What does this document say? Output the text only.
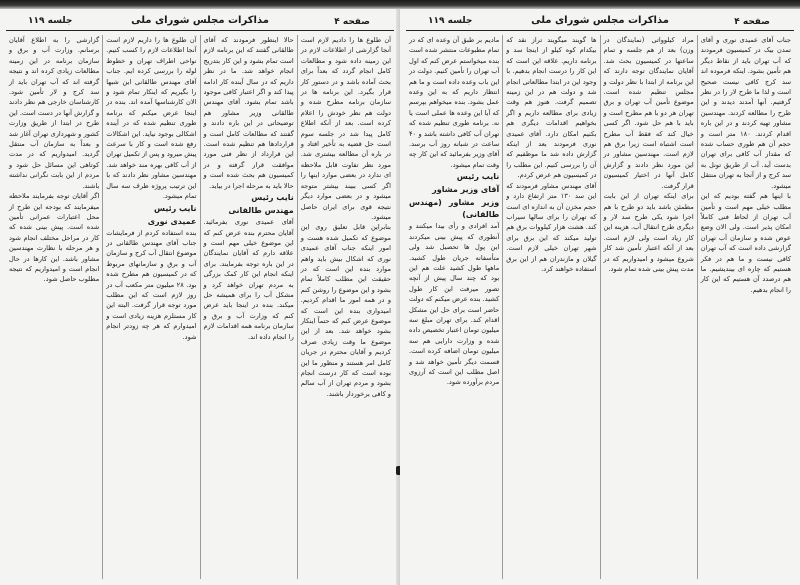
صفحه ۴
مذاکرات مجلس شورای ملی
جلسه ۱۱۹

آن طلوع ها را دادیم لازم است آنجا گزارشی از اطلاعات لازم در این زمینه داده شود و مطالعات کامل انجام گردد که بعداً برای بحث آماده باشد و در دستور کار قرار بگیرد. این برنامه ها در سازمان برنامه مطرح شده و دولت هم نظر خودش را اعلام کرده است. بعد از آنکه اطلاع کامل پیدا شد در جلسه سوم است حل قضیه به تأخیر افتاد و در باره آن مطالعه بیشتری شد. مورد نظر تفاوت قابل ملاحظه ای ندارد در بعضی موارد اینها را اگر کسی ببیند بیشتر متوجه میشود و در بعضی موارد دیگر نتیجه قوی برای ایران حاصل میشود.

بنابراین قابل تعلیق روی این موضوع که تکمیل شده هست و امور اینکه جناب آقای عمیدی نوری که اشکال بیش باید واهم موارد بنده این است که در حقیقت این مطلب کاملاً تمام بشود و این موضوع را روشن کنم و در همه امور ما اقدام کردیم. امیدواری بنده این است که موضوع عرض کنم که حتماً اینکار بشود خواهد شد. بعد از این موضوع ما وقت زیادی صرف کردیم و آقایان محترم در جریان کامل امر هستند و منظور ما این بوده است که کار درست انجام بشود و مردم تهران از آب سالم و کافی برخوردار باشند.

حالا اینطور فرمودند که آقای طالقانی گفتند که این برنامه لازم است تمام بشود و این کار بتدریج انجام خواهد شد. ما در نظر داریم که در سال آینده کار ادامه پیدا کند و اگر اعتبار کافی موجود باشد تمام بشود. آقای مهندس طالقانی وزیر مشاور هم توضیحاتی در این باره دادند و گفتند که مطالعات کامل است و قراردادها هم تنظیم شده است. این قرارداد از نظر فنی مورد موافقت قرار گرفته و در کمیسیون هم بحث شده است و حالا باید به مرحله اجرا در بیاید.

نایب رئیس
مهندس طالقانی

آقای عمیدی نوری بفرمائید. آقایان محترم بنده عرض کنم که این موضوع خیلی مهم است و علاقه دارم که آقایان نمایندگان در این باره توجه بفرمایند. برای اینکه انجام این کار کمک بزرگی به مردم تهران خواهد کرد و مشکل آب را برای همیشه حل میکند. بنده در اینجا باید عرض کنم که وزارت آب و برق و سازمان برنامه همه اقدامات لازم را انجام داده اند.

آن طلوع ها را داریم لازم است آنجا اطلاعات لازم را کسب کنیم. نواحی اطراف تهران و خطوط لوله را بررسی کرده ایم. جناب آقای مهندس طالقانی این شبها را بگیریم که اینکار تمام شود و الان کارشناسها آمده اند. بنده در اینجا عرض میکنم که برنامه طوری تنظیم شده که در آینده اشکالی بوجود نیاید. این اشکالات رفع شده است و کار با سرعت پیش میرود و پس از تکمیل تهران از آب کافی بهره مند خواهد شد. مهندسین مشاور نظر دادند که با این ترتیب پروژه ظرف سه سال تمام میشود.

نایب رئیس
عمیدی نوری

بنده استفاده کردم از فرمایشات جناب آقای مهندس طالقانی در موضوع انتقال آب کرج و سازمان آب و برق و سازمانهای مربوط که در کمیسیون هم مطرح شده بود. ۲۸ میلیون متر مکعب آب در روز لازم است که این مطلب مورد توجه قرار گرفت. البته این کار مستلزم هزینه زیادی است و امیدوارم که هر چه زودتر انجام شود.

گزارشی را به اطلاع آقایان برسانم. وزارت آب و برق و سازمان برنامه در این زمینه مطالعات زیادی کرده اند و نتیجه گرفته اند که آب تهران باید از سد کرج و لار تأمین شود. کارشناسان خارجی هم نظر دادند و گزارش آنها در دست است. این طرح در ابتدا از طریق وزارت کشور و شهرداری تهران آغاز شد و بعداً به سازمان آب منتقل گردید. امیدواریم که در مدت کوتاهی این مسائل حل شود و مردم از این بابت نگرانی نداشته باشند.

اگر آقایان توجه بفرمایند ملاحظه میفرمایند که بودجه این طرح از محل اعتبارات عمرانی تأمین شده است. پیش بینی شده که کار در مراحل مختلف انجام شود و هر مرحله با نظارت مهندسین مشاور باشد. این کارها در حال انجام است و امیدواریم که نتیجه مطلوب حاصل شود.

صفحه ۴
مذاکرات مجلس شورای ملی
جلسه ۱۱۹

جناب آقای عمیدی نوری و آقای تمدن بیک در کمیسیون فرمودند که آب تهران باید از نقاط دیگر هم تأمین بشود. اینکه فرموده اند سد کرج کافی نیست صحیح است و لذا ما طرح لار را در نظر گرفتیم. آنها آمدند دیدند و این طرح را مطالعه کردند. مهندسین مشاور تهیه کردند و در این باره اقدام کردند. ۱۸۰ متر است و حجم آن هم طوری حساب شده که مقدار آب کافی برای تهران بدست آید. آب از طریق تونل به سد کرج و از آنجا به تهران منتقل میشود.

با اینها هم گفته بودیم که این مطلب خیلی مهم است و تأمین آب تهران از لحاظ فنی کاملاً امکان پذیر است. ولی الان وضع عوض شده و سازمان آب تهران گزارشی داده است که آب تهران کافی نیست و ما هم در فکر هستیم که چاره ای بیندیشیم. ما هم درصدد آن هستیم که این کار را انجام بدهیم.

مراد کیلوواتی (نمایندگان در وزن) بعد از هم جلسه و تمام ساعتها در کمیسیون بحث شد. آقایان نمایندگان توجه دارند که این برنامه از ابتدا با نظر دولت و مجلس تنظیم شده است. موضوع تأمین آب تهران و برق تهران هر دو با هم مطرح است و باید با هم حل شود. اگر کسی خیال کند که فقط آب مطرح است اشتباه است زیرا برق هم لازم است. مهندسین مشاور در این مورد نظر دادند و گزارش کامل آنها در اختیار کمیسیون قرار گرفت.

برای اینکه تهران از این بابت مطمئن باشد باید دو طرح با هم اجرا شود یکی طرح سد لار و دیگری طرح انتقال آب. هزینه این کار زیاد است ولی لازم است. بعد از آنکه اعتبار تأمین شد کار شروع میشود و امیدواریم که در مدت پیش بینی شده تمام شود.

ها گویند میگویند تراز نقد که بیکدام کوه کیلو از اینجا سد و برنامه داریم. علاقه این است که این کار را درست انجام بدهیم. با وجود این در ابتدا مطالعاتی انجام شد و دولت هم در این زمینه تصمیم گرفت. هنوز هم وقت زیادی برای مطالعه داریم و اگر بخواهیم اقدامات دیگری هم بکنیم امکان دارد. آقای عمیدی نوری فرمودند بعد از اینکه گزارش داده شد ما موظفیم که آن را بررسی کنیم. این مطلب را در کمیسیون هم عرض کردم.

آقای مهندس مشاور فرمودند که این سد ۱۳۰ متر ارتفاع دارد و حجم مخزن آن به اندازه ای است که تهران را برای سالها سیراب کند. هشت هزار کیلووات برق هم تولید میکند که این برق برای شهر تهران خیلی لازم است. گیلان و مازندران هم از این برق استفاده خواهند کرد.

مادیم بر طبق آن وعده ای که در تمام مطبوعات منتشر شده است بنده میخواستم عرض کنم که اول آب تهران را تأمین کنیم. دولت در این باب وعده داده است و ما هم انتظار داریم که به این وعده عمل بشود. بنده میخواهم بپرسم که آیا این وعده ها عملی است یا نه. برنامه طوری تنظیم شده که تهران آب کافی داشته باشد و ۴۰ ساعت در شبانه روز آب برسد. آقای وزیر بفرمائید که این کار چه وقت تمام میشود.

نایب رئیس
آقای وزیر مشاور
وزیر مشاور (مهندس طالقانی)

آمد افرادی و رأی بیدا میکنند و آنطوری که پیش بینی میکردند این پول ها تحصیل شد ولی متأسفانه جریان طول کشید. ماهها طول کشید علت هم این بود که چند سال پیش از آنچه تصور میرفت این کار طول کشید. بنده عرض میکنم که دولت حاضر است برای حل این مشکل اقدام کند. برای تهران مبلغ سه میلیون تومان اعتبار تخصیص داده شده و وزارت دارایی هم سه میلیون تومان اضافه کرده است. قسمت دیگر تأمین خواهد شد و اصل مطلب این است که آرزوی مردم برآورده شود.
